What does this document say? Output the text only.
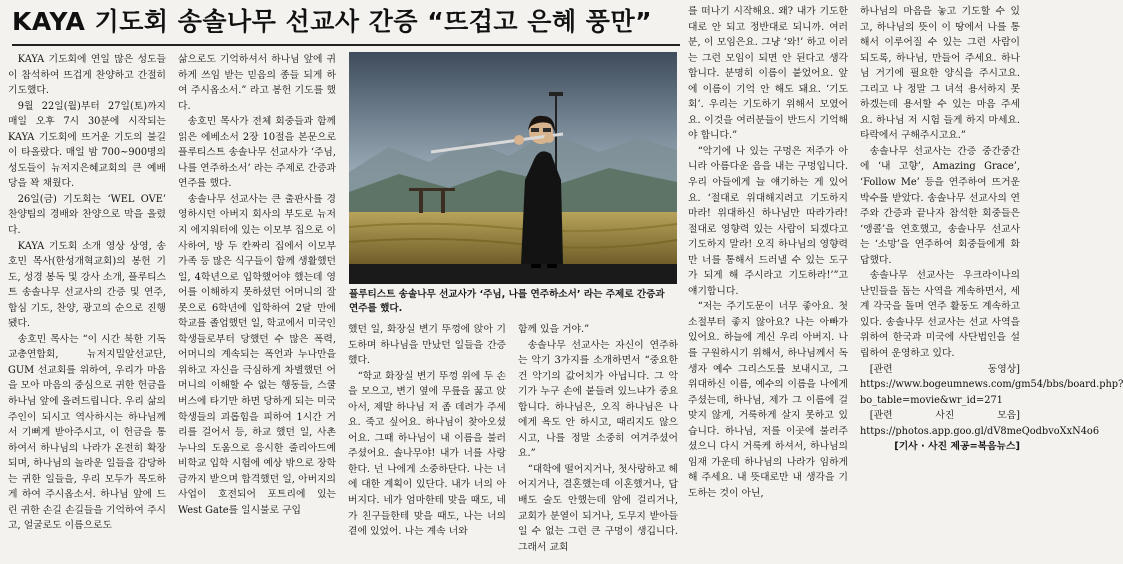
KAYA 기도회 송솔나무 선교사 간증 “뜨겁고 은혜 풍만”

KAYA 기도회에 연일 많은 성도들이 참석하여 뜨겁게 찬양하고 간절히 기도했다.

9월 22일(월)부터 27일(토)까지 매일 오후 7시 30분에 시작되는 KAYA 기도회에 뜨거운 기도의 불길이 타올랐다. 매일 밤 700~900명의 성도들이 뉴저지은혜교회의 큰 예배당을 꽉 채웠다.

26일(금) 기도회는 ‘WEL OVE’ 찬양팀의 경배와 찬양으로 막을 올렸다.

KAYA 기도회 소개 영상 상영, 송호민 목사(한성개혁교회)의 봉헌 기도, 성경 봉독 및 강사 소개, 플루티스트 송솔나무 선교사의 간증 및 연주, 합심 기도, 찬양, 광고의 순으로 진행됐다.

송호민 목사는 “이 시간 북한 기독교총연합회, 뉴저지밀알선교단, GUM 선교회를 위하여, 우리가 마음을 모아 마음의 중심으로 귀한 헌금을 하나님 앞에 올려드립니다. 우리 삶의 주인이 되시고 역사하시는 하나님께서 기뻐게 받아주시고, 이 헌금을 통하여서 하나님의 나라가 온전히 확장되며, 하나님의 놀라운 일들을 감당하는 귀한 일들을, 우리 모두가 목도하게 하여 주시옵소서. 하나님 앞에 드린 귀한 손길 손길들을 기억하여 주시고, 얼굴로도 이름으로도

삶으로도 기억하셔서 하나님 앞에 귀하게 쓰임 받는 믿음의 종들 되게 하여 주시옵소서.” 라고 봉헌 기도를 했다.

송호민 목사가 전체 회중들과 함께 읽은 에베소서 2장 10절을 본문으로 플루티스트 송솔나무 선교사가 ‘주님, 나를 연주하소서’ 라는 주제로 간증과 연주를 했다.

송솔나무 선교사는 큰 출판사를 경영하시던 아버지 회사의 부도로 뉴저지 에지워터에 있는 이모부 집으로 이사하여, 방 두 칸짜리 집에서 이모부 가족 등 많은 식구들이 함께 생활했던 일, 4학년으로 입학했어야 했는데 영어를 이해하지 못하셨던 어머니의 잘못으로 6학년에 입학하여 2달 만에 학교를 졸업했던 일, 학교에서 미국인 학생들로부터 당했던 수 많은 폭력, 어머니의 계속되는 폭언과 누나만을 위하고 자신을 극심하게 차별했던 어머니의 이해할 수 없는 행동들, 스쿨 버스에 타기만 하면 당하게 되는 미국 학생들의 괴롭힘을 피하여 1시간 거리를 걸어서 등, 하교 했던 일, 사촌 누나의 도움으로 응시한 줄리아드예비학교 입학 시험에 예상 밖으로 장학금까지 받으며 합격했던 일, 아버지의 사업이 호전되어 포트리에 있는 West Gate를 일시불로 구입

플루티스트 송솔나무 선교사가 ‘주님, 나를 연주하소서’ 라는 주제로 간증과 연주를 했다.

했던 일, 화장실 변기 뚜껑에 앉아 기도하며 하나님을 만났던 일들을 간증했다.

“학교 화장실 변기 뚜껑 위에 두 손을 모으고, 변기 옆에 무릎을 꿇고 앉아서, 제발 하나님 저 좀 데려가 주세요. 죽고 싶어요. 하나님이 찾아오셨어요. 그때 하나님이 내 이름을 불러주셨어요. 솔나무야! 내가 너를 사랑한다. 넌 나에게 소중하단다. 나는 너에 대한 계획이 있단다. 내가 너의 아버지다. 네가 엄마한테 맞을 때도, 네가 친구들한테 맞을 때도, 나는 너의 곁에 있었어. 나는 계속 너와

함께 있을 거야.”

송솔나무 선교사는 자신이 연주하는 악기 3가지를 소개하면서 “중요한 건 악기의 값어치가 아닙니다. 그 악기가 누구 손에 붙들려 있느냐가 중요합니다. 하나님은, 오직 하나님은 나에게 욕도 안 하시고, 때리지도 않으시고, 나를 정말 소중히 여겨주셨어요.”

“대학에 떨어지거나, 첫사랑하고 헤어지거나, 결혼했는데 이혼했거나, 답배도 술도 안했는데 암에 걸리거나, 교회가 분열이 되거나, 도무지 받아들일 수 없는 그런 큰 구멍이 생깁니다. 그래서 교회

를 떠나기 시작해요. 왜? 내가 기도한 대로 안 되고 정반대로 되니까. 여러분, 이 모임은요. 그냥 ‘와!’ 하고 이러는 그런 모임이 되면 안 된다고 생각합니다. 분명히 이름이 붙었어요. 앞에 이름이 기억 안 해도 돼요. ‘기도회’. 우리는 기도하기 위해서 모였어요. 이것을 여러분들이 반드시 기억해야 합니다.”

“악기에 나 있는 구멍은 저주가 아니라 아름다운 음을 내는 구멍입니다. 우리 아들에게 늘 얘기하는 게 있어요. ‘절대로 위대해지려고 기도하지 마라! 위대하신 하나님만 따라가라! 절대로 영향력 있는 사람이 되겠다고 기도하지 말라! 오직 하나님의 영향력만 너를 통해서 드러낼 수 있는 도구가 되게 해 주시라고 기도하라!’”고 얘기합니다.

“저는 주기도문이 너무 좋아요. 첫 소절부터 좋지 않아요? 나는 아빠가 있어요. 하늘에 계신 우리 아버지. 나를 구원하시기 위해서, 하나님께서 독생자 예수 그리스도를 보내시고, 그 위대하신 이름, 예수의 이름을 나에게 주셨는데, 하나님, 제가 그 이름에 걸맞지 않게, 거룩하게 살지 못하고 있습니다. 하나님, 저를 이곳에 불러주셨으니 다시 거룩케 하셔서, 하나님의 임재 가운데 하나님의 나라가 임하게 해 주세요. 내 뜻대로만 내 생각을 기도하는 것이 아닌,

하나님의 마음을 놓고 기도할 수 있고, 하나님의 뜻이 이 땅에서 나를 통해서 이루어질 수 있는 그런 사람이 되도록, 하나님, 만들어 주세요. 하나님 거기에 필요한 양식을 주시고요. 그리고 나 정말 그 녀석 용서하지 못하겠는데 용서할 수 있는 마음 주세요. 하나님 저 시험 들게 하지 마세요. 타락에서 구해주시고요.”

송솔나무 선교사는 간증 중간중간에 ‘내 고향’, Amazing Grace’, ‘Follow Me’ 등을 연주하여 뜨거운 박수를 받았다. 송솔나무 선교사의 연주와 간증과 끝나자 참석한 회중들은 ‘앵콜’을 연호했고, 송솔나무 선교사는 ‘소망’을 연주하여 회중들에게 화답했다.

송솔나무 선교사는 우크라이나의 난민들을 돕는 사역을 계속하면서, 세계 각국을 돌며 연주 활동도 계속하고 있다. 송솔나무 선교사는 선교 사역을 위하여 한국과 미국에 사단법인을 설립하여 운영하고 있다.

[관련 동영상] https://www.bogeumnews.com/gm54/bbs/board.php?bo_table=movie&wr_id=271

[관련 사진 모음] https://photos.app.goo.gl/dV8meQodbvoXxN4o6

[기사 · 사진 제공=복음뉴스]
